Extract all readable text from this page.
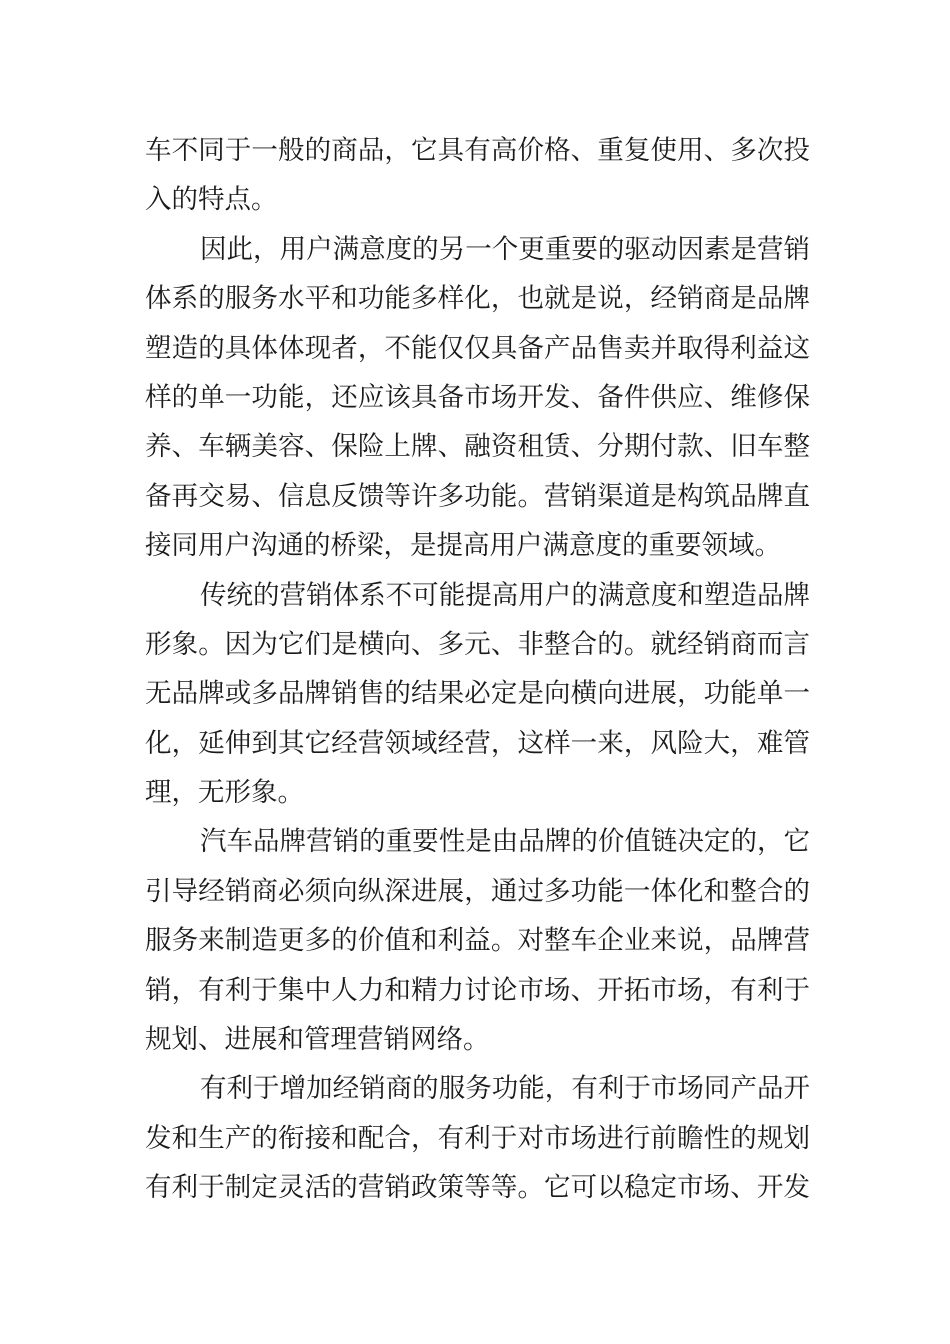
车不同于一般的商品，它具有高价格、重复使用、多次投
入的特点。
因此，用户满意度的另一个更重要的驱动因素是营销
体系的服务水平和功能多样化，也就是说，经销商是品牌
塑造的具体体现者，不能仅仅具备产品售卖并取得利益这
样的单一功能，还应该具备市场开发、备件供应、维修保
养、车辆美容、保险上牌、融资租赁、分期付款、旧车整
备再交易、信息反馈等许多功能。营销渠道是构筑品牌直
接同用户沟通的桥梁，是提高用户满意度的重要领域。
传统的营销体系不可能提高用户的满意度和塑造品牌
形象。因为它们是横向、多元、非整合的。就经销商而言
无品牌或多品牌销售的结果必定是向横向进展，功能单一
化，延伸到其它经营领域经营，这样一来，风险大，难管
理，无形象。
汽车品牌营销的重要性是由品牌的价值链决定的，它
引导经销商必须向纵深进展，通过多功能一体化和整合的
服务来制造更多的价值和利益。对整车企业来说，品牌营
销，有利于集中人力和精力讨论市场、开拓市场，有利于
规划、进展和管理营销网络。
有利于增加经销商的服务功能，有利于市场同产品开
发和生产的衔接和配合，有利于对市场进行前瞻性的规划
有利于制定灵活的营销政策等等。它可以稳定市场、开发
